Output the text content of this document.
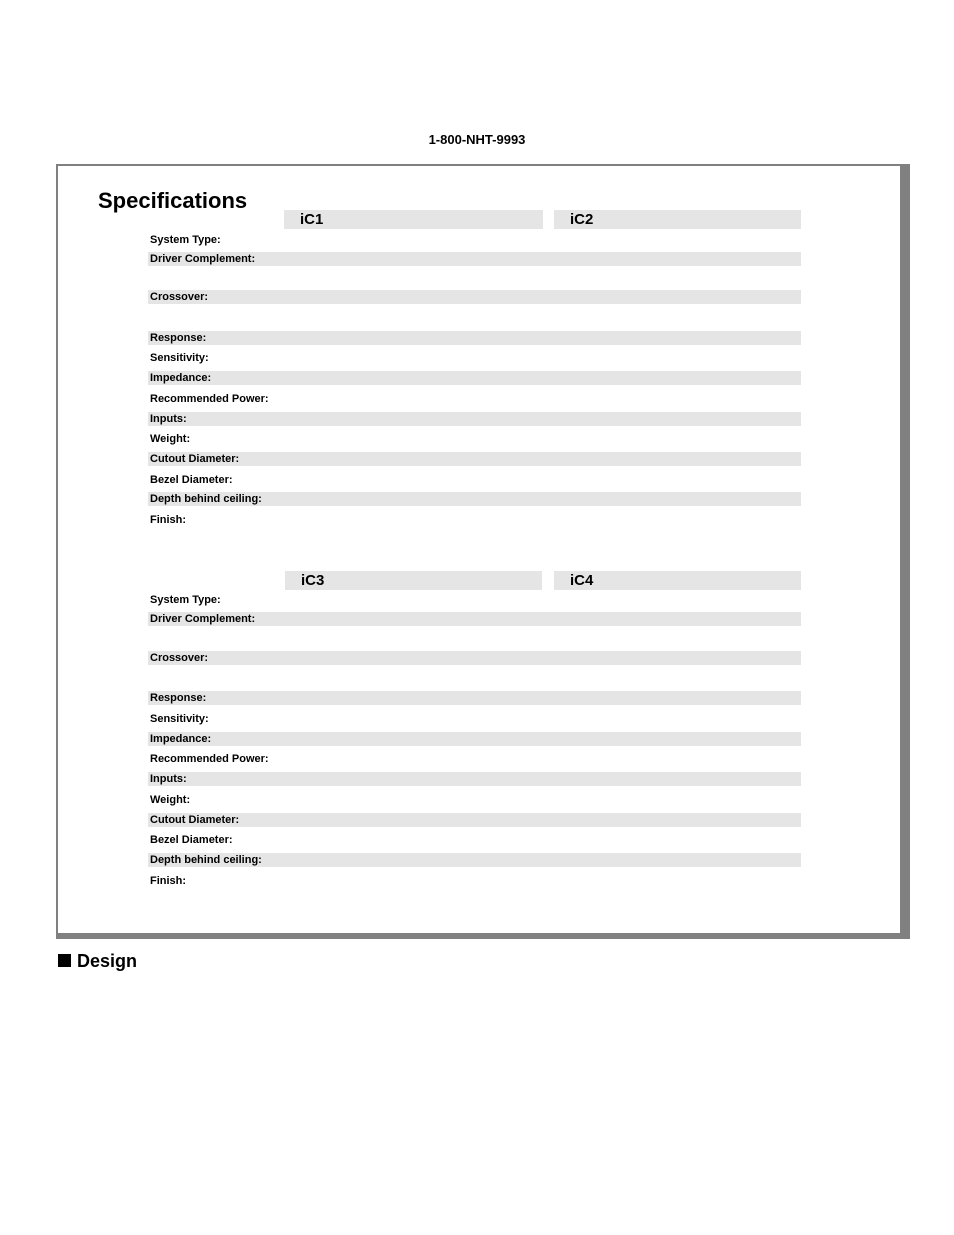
1-800-NHT-9993
Specifications
iC1	iC2
System Type:
Driver Complement:
Crossover:
Response:
Sensitivity:
Impedance:
Recommended Power:
Inputs:
Weight:
Cutout Diameter:
Bezel Diameter:
Depth behind ceiling:
Finish:
iC3	iC4
System Type:
Driver Complement:
Crossover:
Response:
Sensitivity:
Impedance:
Recommended Power:
Inputs:
Weight:
Cutout Diameter:
Bezel Diameter:
Depth behind ceiling:
Finish:
Design
